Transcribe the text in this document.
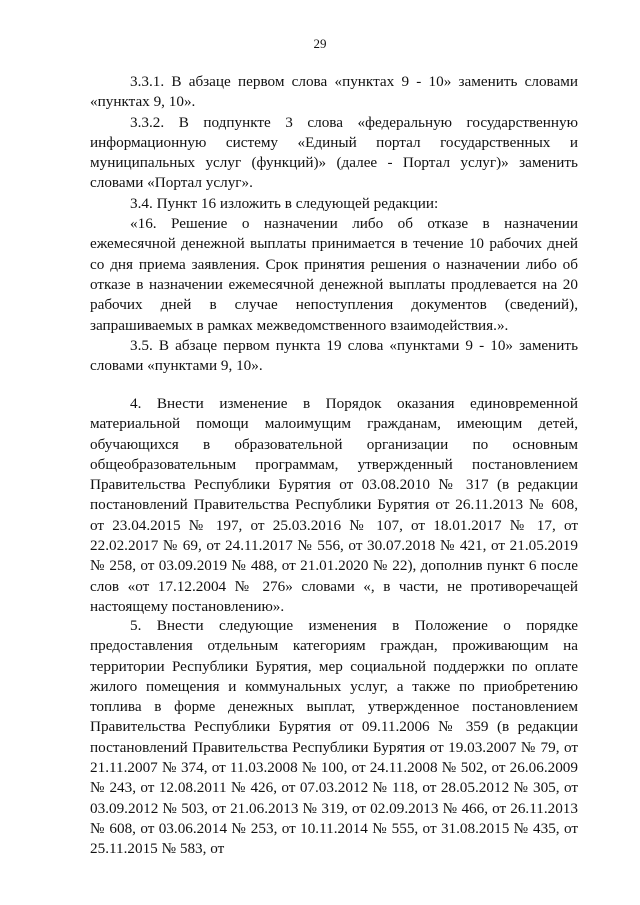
29

3.3.1. В абзаце первом слова «пунктах 9 - 10» заменить словами «пунктах 9, 10».

3.3.2. В подпункте 3 слова «федеральную государственную информационную систему «Единый портал государственных и муниципальных услуг (функций)» (далее - Портал услуг)» заменить словами «Портал услуг».

3.4. Пункт 16 изложить в следующей редакции:

«16. Решение о назначении либо об отказе в назначении ежемесячной денежной выплаты принимается в течение 10 рабочих дней со дня приема заявления. Срок принятия решения о назначении либо об отказе в назначении ежемесячной денежной выплаты продлевается на 20 рабочих дней в случае непоступления документов (сведений), запрашиваемых в рамках межведомственного взаимодействия.».

3.5. В абзаце первом пункта 19 слова «пунктами 9 - 10» заменить словами «пунктами 9, 10».

4. Внести изменение в Порядок оказания единовременной материальной помощи малоимущим гражданам, имеющим детей, обучающихся в образовательной организации по основным общеобразовательным программам, утвержденный постановлением Правительства Республики Бурятия от 03.08.2010 № 317 (в редакции постановлений Правительства Республики Бурятия от 26.11.2013 № 608, от 23.04.2015 № 197, от 25.03.2016 № 107, от 18.01.2017 № 17, от 22.02.2017 № 69, от 24.11.2017 № 556, от 30.07.2018 № 421, от 21.05.2019 № 258, от 03.09.2019 № 488, от 21.01.2020 № 22), дополнив пункт 6 после слов «от 17.12.2004 № 276» словами «, в части, не противоречащей настоящему постановлению».

5. Внести следующие изменения в Положение о порядке предоставления отдельным категориям граждан, проживающим на территории Республики Бурятия, мер социальной поддержки по оплате жилого помещения и коммунальных услуг, а также по приобретению топлива в форме денежных выплат, утвержденное постановлением Правительства Республики Бурятия от 09.11.2006 № 359 (в редакции постановлений Правительства Республики Бурятия от 19.03.2007 № 79, от 21.11.2007 № 374, от 11.03.2008 № 100, от 24.11.2008 № 502, от 26.06.2009 № 243, от 12.08.2011 № 426, от 07.03.2012 № 118, от 28.05.2012 № 305, от 03.09.2012 № 503, от 21.06.2013 № 319, от 02.09.2013 № 466, от 26.11.2013 № 608, от 03.06.2014 № 253, от 10.11.2014 № 555, от 31.08.2015 № 435, от 25.11.2015 № 583, от
